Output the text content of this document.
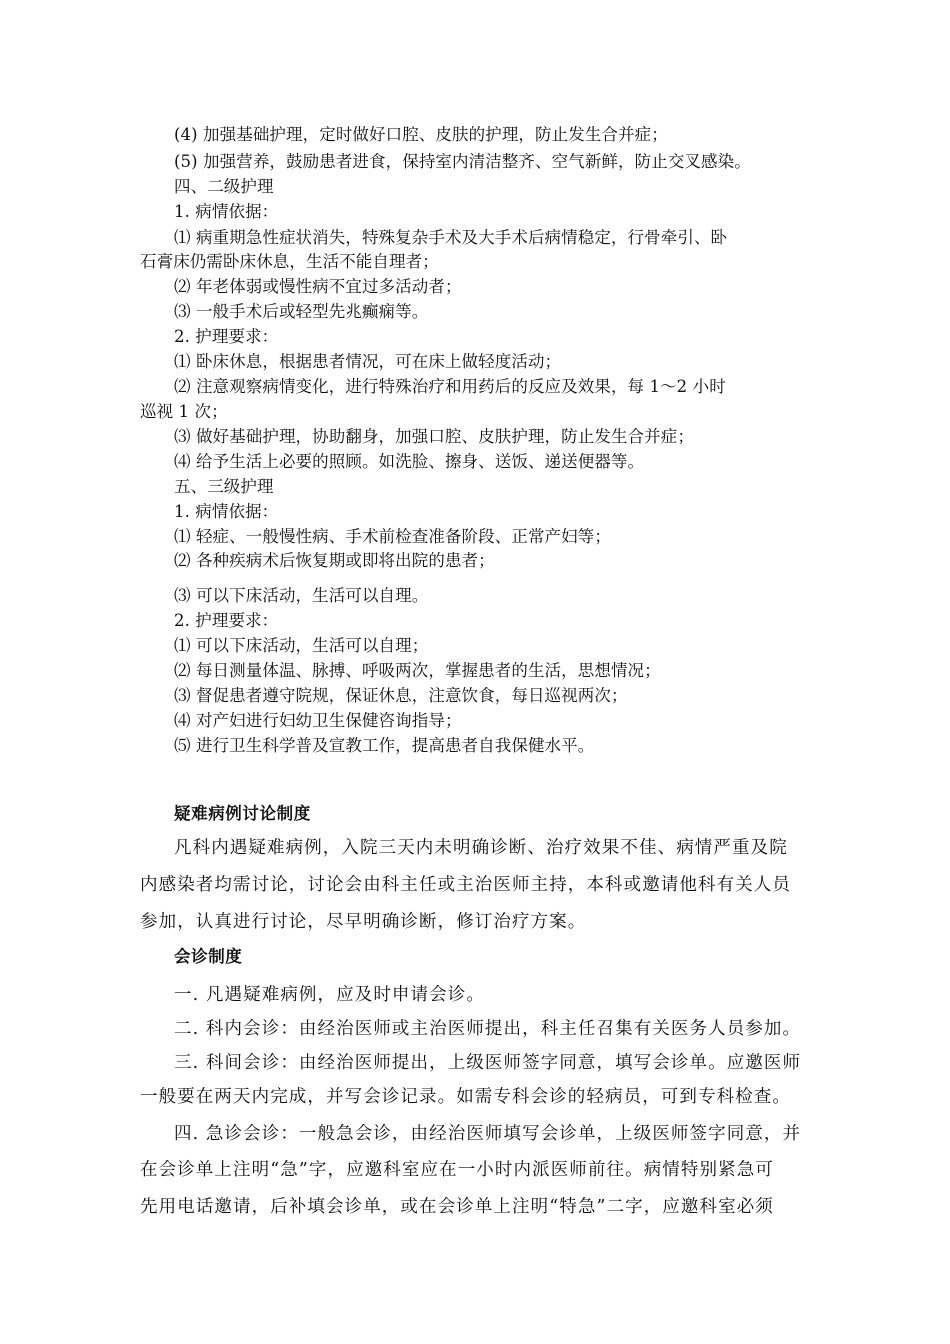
(4) 加强基础护理，定时做好口腔、皮肤的护理，防止发生合并症；
(5) 加强营养，鼓励患者进食，保持室内清洁整齐、空气新鲜，防止交叉感染。
四、二级护理
1. 病情依据：
⑴ 病重期急性症状消失，特殊复杂手术及大手术后病情稳定，行骨牵引、卧
石膏床仍需卧床休息，生活不能自理者；
⑵ 年老体弱或慢性病不宜过多活动者；
⑶ 一般手术后或轻型先兆癫痫等。
2. 护理要求：
⑴ 卧床休息，根据患者情况，可在床上做轻度活动；
⑵ 注意观察病情变化，进行特殊治疗和用药后的反应及效果，每 1～2 小时
巡视 1 次；
⑶ 做好基础护理，协助翻身，加强口腔、皮肤护理，防止发生合并症；
⑷ 给予生活上必要的照顾。如洗脸、擦身、送饭、递送便器等。
五、三级护理
1. 病情依据：
⑴ 轻症、一般慢性病、手术前检查准备阶段、正常产妇等；
⑵ 各种疾病术后恢复期或即将出院的患者；
⑶ 可以下床活动，生活可以自理。
2. 护理要求：
⑴ 可以下床活动，生活可以自理；
⑵ 每日测量体温、脉搏、呼吸两次，掌握患者的生活，思想情况；
⑶ 督促患者遵守院规，保证休息，注意饮食，每日巡视两次；
⑷ 对产妇进行妇幼卫生保健咨询指导；
⑸ 进行卫生科学普及宣教工作，提高患者自我保健水平。
疑难病例讨论制度
凡科内遇疑难病例，入院三天内未明确诊断、治疗效果不佳、病情严重及院
内感染者均需讨论，讨论会由科主任或主治医师主持，本科或邀请他科有关人员
参加，认真进行讨论，尽早明确诊断，修订治疗方案。
会诊制度
一. 凡遇疑难病例，应及时申请会诊。
二. 科内会诊：由经治医师或主治医师提出，科主任召集有关医务人员参加。
三. 科间会诊：由经治医师提出，上级医师签字同意，填写会诊单。应邀医师
一般要在两天内完成，并写会诊记录。如需专科会诊的轻病员，可到专科检查。
四. 急诊会诊：一般急会诊，由经治医师填写会诊单，上级医师签字同意，并
在会诊单上注明“急”字，应邀科室应在一小时内派医师前往。病情特别紧急可
先用电话邀请，后补填会诊单，或在会诊单上注明“特急”二字，应邀科室必须
